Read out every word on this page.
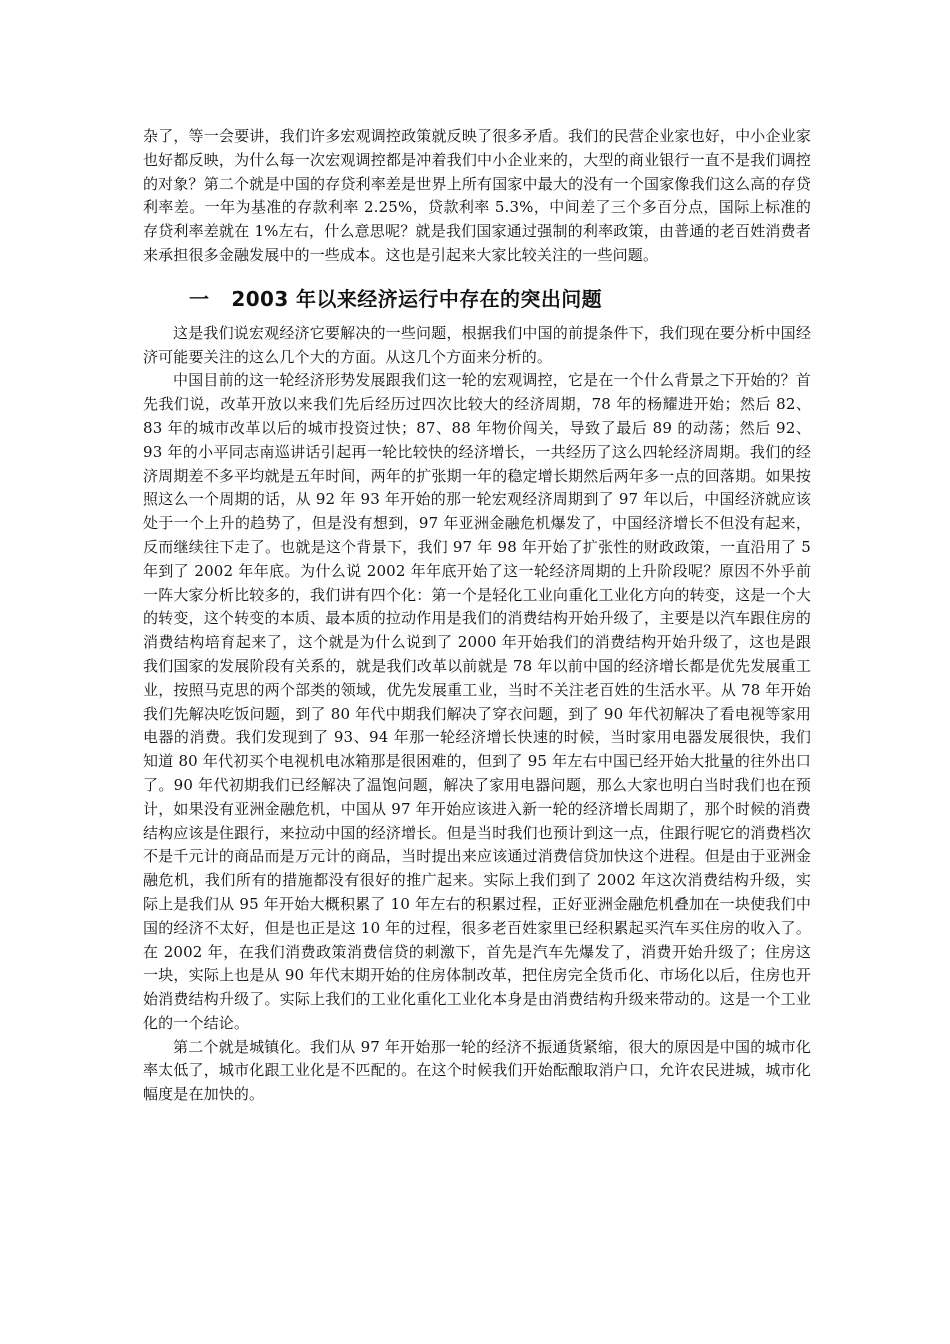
杂了，等一会要讲，我们许多宏观调控政策就反映了很多矛盾。我们的民营企业家也好，中小企业家也好都反映，为什么每一次宏观调控都是冲着我们中小企业来的，大型的商业银行一直不是我们调控的对象？第二个就是中国的存贷利率差是世界上所有国家中最大的没有一个国家像我们这么高的存贷利率差。一年为基准的存款利率 2.25%，贷款利率 5.3%，中间差了三个多百分点，国际上标准的存贷利率差就在 1%左右，什么意思呢？就是我们国家通过强制的利率政策，由普通的老百姓消费者来承担很多金融发展中的一些成本。这也是引起来大家比较关注的一些问题。

一 2003 年以来经济运行中存在的突出问题

这是我们说宏观经济它要解决的一些问题，根据我们中国的前提条件下，我们现在要分析中国经济可能要关注的这么几个大的方面。从这几个方面来分析的。

中国目前的这一轮经济形势发展跟我们这一轮的宏观调控，它是在一个什么背景之下开始的？首先我们说，改革开放以来我们先后经历过四次比较大的经济周期，78 年的杨耀进开始；然后 82、83 年的城市改革以后的城市投资过快；87、88 年物价闯关，导致了最后 89 的动荡；然后 92、93 年的小平同志南巡讲话引起再一轮比较快的经济增长，一共经历了这么四轮经济周期。我们的经济周期差不多平均就是五年时间，两年的扩张期一年的稳定增长期然后两年多一点的回落期。如果按照这么一个周期的话，从 92 年 93 年开始的那一轮宏观经济周期到了 97 年以后，中国经济就应该处于一个上升的趋势了，但是没有想到，97 年亚洲金融危机爆发了，中国经济增长不但没有起来，反而继续往下走了。也就是这个背景下，我们 97 年 98 年开始了扩张性的财政政策，一直沿用了 5 年到了 2002 年年底。为什么说 2002 年年底开始了这一轮经济周期的上升阶段呢？原因不外乎前一阵大家分析比较多的，我们讲有四个化：第一个是轻化工业向重化工业化方向的转变，这是一个大的转变，这个转变的本质、最本质的拉动作用是我们的消费结构开始升级了，主要是以汽车跟住房的消费结构培育起来了，这个就是为什么说到了 2000 年开始我们的消费结构开始升级了，这也是跟我们国家的发展阶段有关系的，就是我们改革以前就是 78 年以前中国的经济增长都是优先发展重工业，按照马克思的两个部类的领域，优先发展重工业，当时不关注老百姓的生活水平。从 78 年开始我们先解决吃饭问题，到了 80 年代中期我们解决了穿衣问题，到了 90 年代初解决了看电视等家用电器的消费。我们发现到了 93、94 年那一轮经济增长快速的时候，当时家用电器发展很快，我们知道 80 年代初买个电视机电冰箱那是很困难的，但到了 95 年左右中国已经开始大批量的往外出口了。90 年代初期我们已经解决了温饱问题，解决了家用电器问题，那么大家也明白当时我们也在预计，如果没有亚洲金融危机，中国从 97 年开始应该进入新一轮的经济增长周期了，那个时候的消费结构应该是住跟行，来拉动中国的经济增长。但是当时我们也预计到这一点，住跟行呢它的消费档次不是千元计的商品而是万元计的商品，当时提出来应该通过消费信贷加快这个进程。但是由于亚洲金融危机，我们所有的措施都没有很好的推广起来。实际上我们到了 2002 年这次消费结构升级，实际上是我们从 95 年开始大概积累了 10 年左右的积累过程，正好亚洲金融危机叠加在一块使我们中国的经济不太好，但是也正是这 10 年的过程，很多老百姓家里已经积累起买汽车买住房的收入了。在 2002 年，在我们消费政策消费信贷的刺激下，首先是汽车先爆发了，消费开始升级了；住房这一块，实际上也是从 90 年代末期开始的住房体制改革，把住房完全货币化、市场化以后，住房也开始消费结构升级了。实际上我们的工业化重化工业化本身是由消费结构升级来带动的。这是一个工业化的一个结论。

第二个就是城镇化。我们从 97 年开始那一轮的经济不振通货紧缩，很大的原因是中国的城市化率太低了，城市化跟工业化是不匹配的。在这个时候我们开始酝酿取消户口，允许农民进城，城市化幅度是在加快的。
